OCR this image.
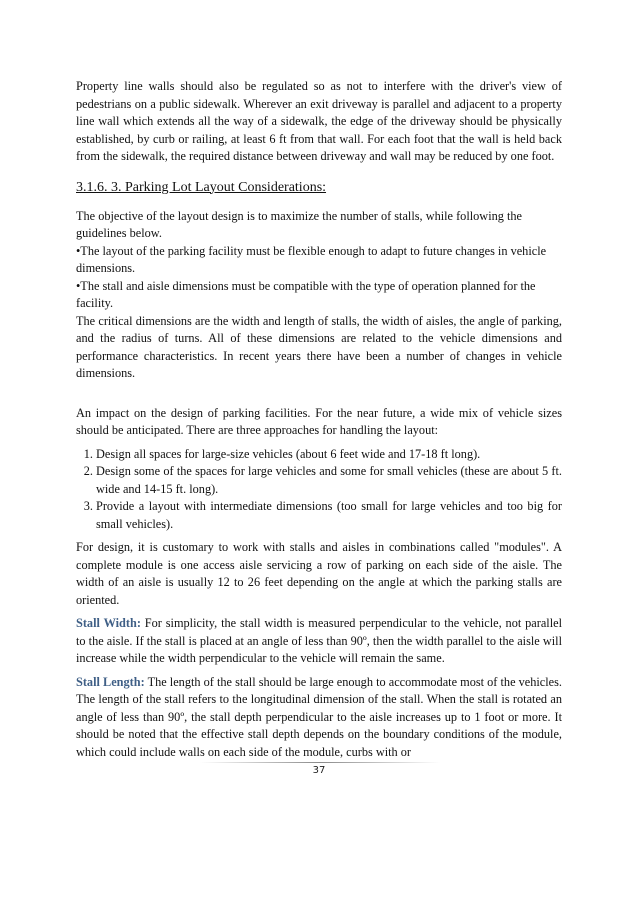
Property line walls should also be regulated so as not to interfere with the driver's view of pedestrians on a public sidewalk. Wherever an exit driveway is parallel and adjacent to a property line wall which extends all the way of a sidewalk, the edge of the driveway should be physically established, by curb or railing, at least 6 ft from that wall. For each foot that the wall is held back from the sidewalk, the required distance between driveway and wall may be reduced by one foot.

3.1.6. 3. Parking Lot Layout Considerations:

The objective of the layout design is to maximize the number of stalls, while following the guidelines below.

•The layout of the parking facility must be flexible enough to adapt to future changes in vehicle dimensions.

•The stall and aisle dimensions must be compatible with the type of operation planned for the facility.

The critical dimensions are the width and length of stalls, the width of aisles, the angle of parking, and the radius of turns. All of these dimensions are related to the vehicle dimensions and performance characteristics. In recent years there have been a number of changes in vehicle dimensions.

An impact on the design of parking facilities. For the near future, a wide mix of vehicle sizes should be anticipated. There are three approaches for handling the layout:

1. Design all spaces for large-size vehicles (about 6 feet wide and 17-18 ft long).
2. Design some of the spaces for large vehicles and some for small vehicles (these are about 5 ft. wide and 14-15 ft. long).
3. Provide a layout with intermediate dimensions (too small for large vehicles and too big for small vehicles).

For design, it is customary to work with stalls and aisles in combinations called "modules". A complete module is one access aisle servicing a row of parking on each side of the aisle. The width of an aisle is usually 12 to 26 feet depending on the angle at which the parking stalls are oriented.

Stall Width: For simplicity, the stall width is measured perpendicular to the vehicle, not parallel to the aisle. If the stall is placed at an angle of less than 90º, then the width parallel to the aisle will increase while the width perpendicular to the vehicle will remain the same.

Stall Length: The length of the stall should be large enough to accommodate most of the vehicles. The length of the stall refers to the longitudinal dimension of the stall. When the stall is rotated an angle of less than 90º, the stall depth perpendicular to the aisle increases up to 1 foot or more. It should be noted that the effective stall depth depends on the boundary conditions of the module, which could include walls on each side of the module, curbs with or

37
